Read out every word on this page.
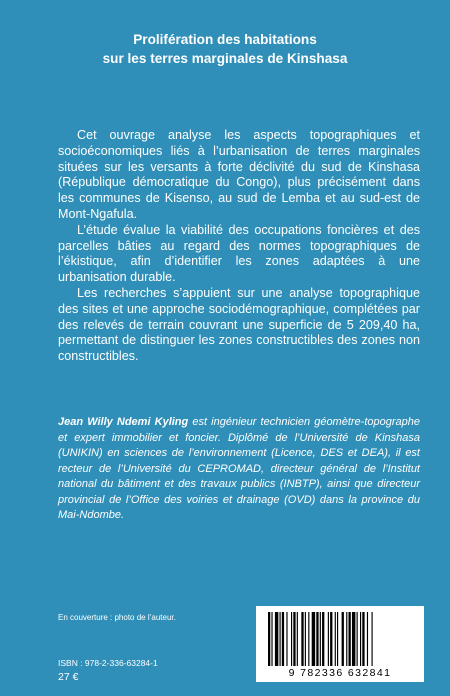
Prolifération des habitations
sur les terres marginales de Kinshasa

Cet ouvrage analyse les aspects topographiques et socioéconomiques liés à l’urbanisation de terres marginales situées sur les versants à forte déclivité du sud de Kinshasa (République démocratique du Congo), plus précisément dans les communes de Kisenso, au sud de Lemba et au sud-est de Mont-Ngafula.

L’étude évalue la viabilité des occupations foncières et des parcelles bâties au regard des normes topographiques de l’ékistique, afin d’identifier les zones adaptées à une urbanisation durable.

Les recherches s’appuient sur une analyse topographique des sites et une approche sociodémographique, complétées par des relevés de terrain couvrant une superficie de 5 209,40 ha, permettant de distinguer les zones constructibles des zones non constructibles.

Jean Willy Ndemi Kyling est ingénieur technicien géomètre-topographe et expert immobilier et foncier. Diplômé de l’Université de Kinshasa (UNIKIN) en sciences de l’environnement (Licence, DES et DEA), il est recteur de l’Université du CEPROMAD, directeur général de l’Institut national du bâtiment et des travaux publics (INBTP), ainsi que directeur provincial de l’Office des voiries et drainage (OVD) dans la province du Mai-Ndombe.
En couverture : photo de l’auteur.
ISBN : 978-2-336-63284-1
27 €	9 782336 632841
